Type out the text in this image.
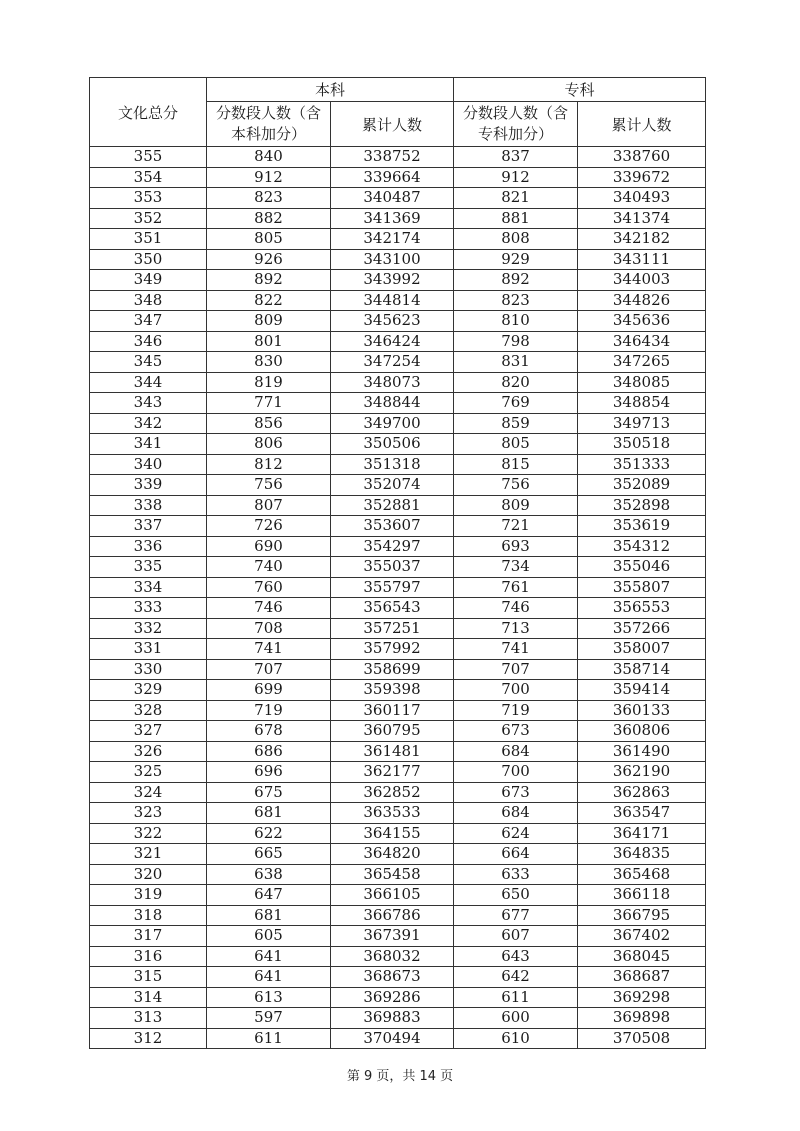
文化总分	本科		专科	
	分数段人数（含本科加分）	累计人数	分数段人数（含专科加分）	累计人数
355	840	338752	837	338760
354	912	339664	912	339672
353	823	340487	821	340493
352	882	341369	881	341374
351	805	342174	808	342182
350	926	343100	929	343111
349	892	343992	892	344003
348	822	344814	823	344826
347	809	345623	810	345636
346	801	346424	798	346434
345	830	347254	831	347265
344	819	348073	820	348085
343	771	348844	769	348854
342	856	349700	859	349713
341	806	350506	805	350518
340	812	351318	815	351333
339	756	352074	756	352089
338	807	352881	809	352898
337	726	353607	721	353619
336	690	354297	693	354312
335	740	355037	734	355046
334	760	355797	761	355807
333	746	356543	746	356553
332	708	357251	713	357266
331	741	357992	741	358007
330	707	358699	707	358714
329	699	359398	700	359414
328	719	360117	719	360133
327	678	360795	673	360806
326	686	361481	684	361490
325	696	362177	700	362190
324	675	362852	673	362863
323	681	363533	684	363547
322	622	364155	624	364171
321	665	364820	664	364835
320	638	365458	633	365468
319	647	366105	650	366118
318	681	366786	677	366795
317	605	367391	607	367402
316	641	368032	643	368045
315	641	368673	642	368687
314	613	369286	611	369298
313	597	369883	600	369898
312	611	370494	610	370508
第 9 页，共 14 页
